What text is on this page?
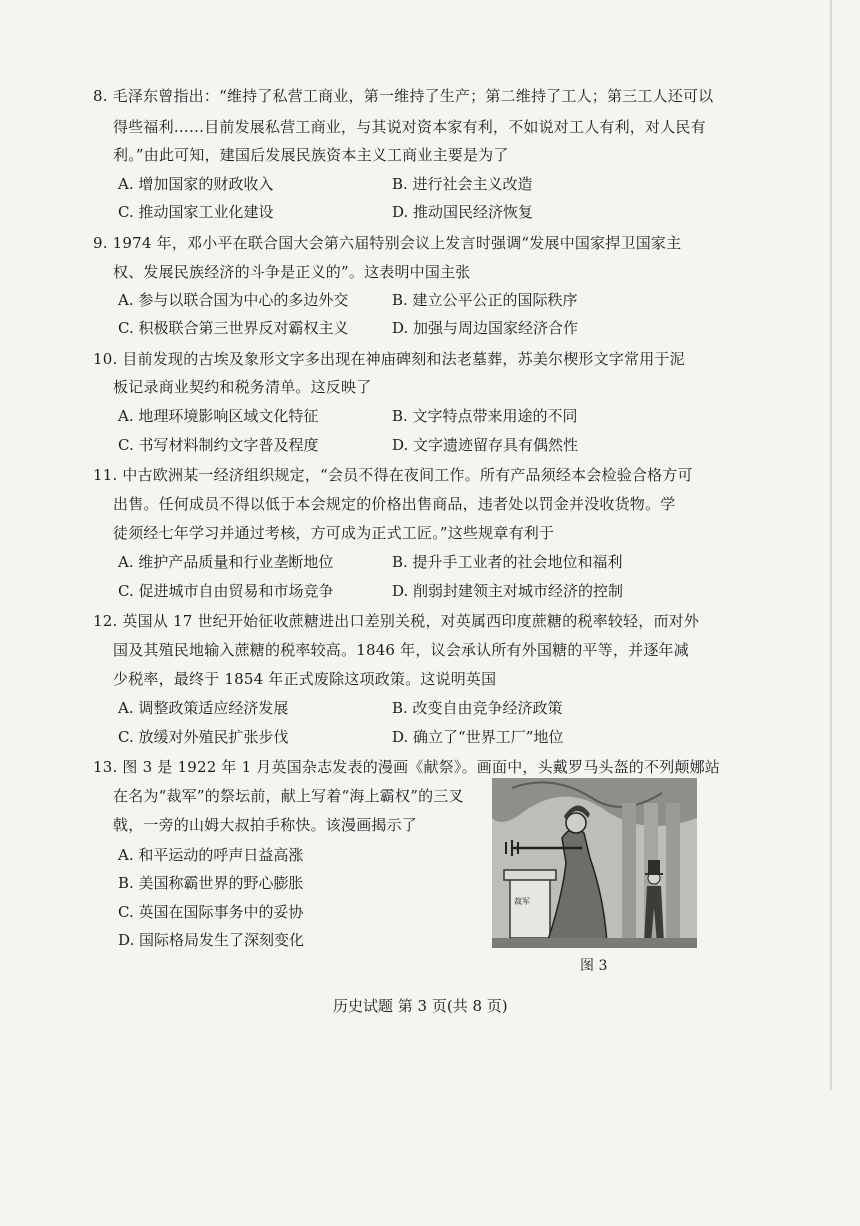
8. 毛泽东曾指出：“维持了私营工商业，第一维持了生产；第二维持了工人；第三工人还可以
得些福利……目前发展私营工商业，与其说对资本家有利，不如说对工人有利，对人民有
利。”由此可知，建国后发展民族资本主义工商业主要是为了
A. 增加国家的财政收入	B. 进行社会主义改造
C. 推动国家工业化建设	D. 推动国民经济恢复
9. 1974 年，邓小平在联合国大会第六届特别会议上发言时强调“发展中国家捍卫国家主
权、发展民族经济的斗争是正义的”。这表明中国主张
A. 参与以联合国为中心的多边外交	B. 建立公平公正的国际秩序
C. 积极联合第三世界反对霸权主义	D. 加强与周边国家经济合作
10. 目前发现的古埃及象形文字多出现在神庙碑刻和法老墓葬，苏美尔楔形文字常用于泥
板记录商业契约和税务清单。这反映了
A. 地理环境影响区域文化特征	B. 文字特点带来用途的不同
C. 书写材料制约文字普及程度	D. 文字遗迹留存具有偶然性
11. 中古欧洲某一经济组织规定，“会员不得在夜间工作。所有产品须经本会检验合格方可
出售。任何成员不得以低于本会规定的价格出售商品，违者处以罚金并没收货物。学
徒须经七年学习并通过考核，方可成为正式工匠。”这些规章有利于
A. 维护产品质量和行业垄断地位	B. 提升手工业者的社会地位和福利
C. 促进城市自由贸易和市场竞争	D. 削弱封建领主对城市经济的控制
12. 英国从 17 世纪开始征收蔗糖进出口差别关税，对英属西印度蔗糖的税率较轻，而对外
国及其殖民地输入蔗糖的税率较高。1846 年，议会承认所有外国糖的平等，并逐年减
少税率，最终于 1854 年正式废除这项政策。这说明英国
A. 调整政策适应经济发展	B. 改变自由竞争经济政策
C. 放缓对外殖民扩张步伐	D. 确立了“世界工厂”地位
13. 图 3 是 1922 年 1 月英国杂志发表的漫画《献祭》。画面中，头戴罗马头盔的不列颠娜站
在名为“裁军”的祭坛前，献上写着“海上霸权”的三叉
戟，一旁的山姆大叔拍手称快。该漫画揭示了
A. 和平运动的呼声日益高涨
B. 美国称霸世界的野心膨胀
C. 英国在国际事务中的妥协
D. 国际格局发生了深刻变化
裁军
图 3
历史试题 第 3 页(共 8 页)
